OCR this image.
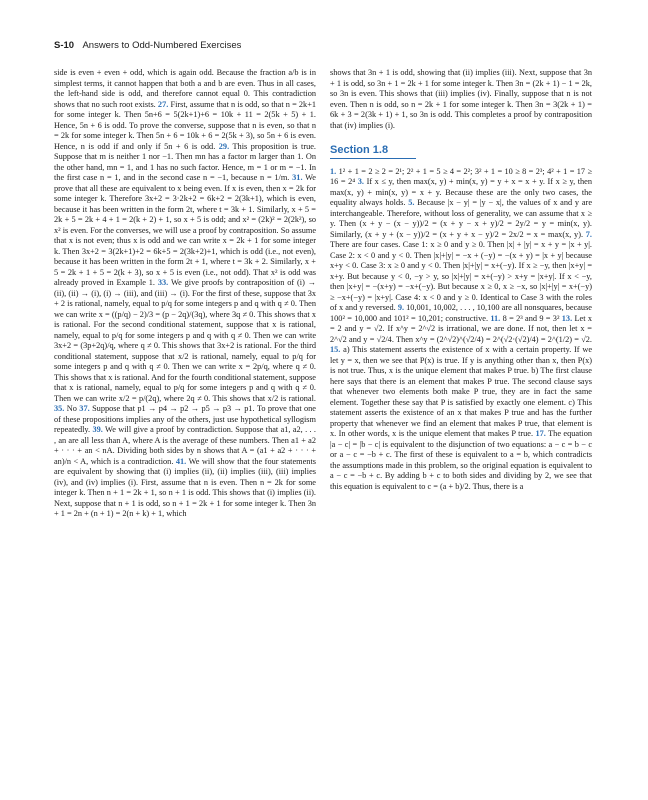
S-10 Answers to Odd-Numbered Exercises

side is even + even + odd, which is again odd. Because the fraction a/b is in simplest terms, it cannot happen that both a and b are even. Thus in all cases, the left-hand side is odd, and therefore cannot equal 0. This contradiction shows that no such root exists. 27. First, assume that n is odd, so that n = 2k+1 for some integer k. Then 5n+6 = 5(2k+1)+6 = 10k + 11 = 2(5k + 5) + 1. Hence, 5n + 6 is odd. To prove the converse, suppose that n is even, so that n = 2k for some integer k. Then 5n + 6 = 10k + 6 = 2(5k + 3), so 5n + 6 is even. Hence, n is odd if and only if 5n + 6 is odd. 29. This proposition is true. Suppose that m is neither 1 nor −1. Then mn has a factor m larger than 1. On the other hand, mn = 1, and 1 has no such factor. Hence, m = 1 or m = −1. In the first case n = 1, and in the second case n = −1, because n = 1/m. 31. We prove that all these are equivalent to x being even. If x is even, then x = 2k for some integer k. Therefore 3x+2 = 3·2k+2 = 6k+2 = 2(3k+1), which is even, because it has been written in the form 2t, where t = 3k + 1. Similarly, x + 5 = 2k + 5 = 2k + 4 + 1 = 2(k + 2) + 1, so x + 5 is odd; and x² = (2k)² = 2(2k²), so x² is even. For the converses, we will use a proof by contraposition. So assume that x is not even; thus x is odd and we can write x = 2k + 1 for some integer k. Then 3x+2 = 3(2k+1)+2 = 6k+5 = 2(3k+2)+1, which is odd (i.e., not even), because it has been written in the form 2t + 1, where t = 3k + 2. Similarly, x + 5 = 2k + 1 + 5 = 2(k + 3), so x + 5 is even (i.e., not odd). That x² is odd was already proved in Example 1. 33. We give proofs by contraposition of (i) → (ii), (ii) → (i), (i) → (iii), and (iii) → (i). For the first of these, suppose that 3x + 2 is rational, namely, equal to p/q for some integers p and q with q ≠ 0. Then we can write x = ((p/q) − 2)/3 = (p − 2q)/(3q), where 3q ≠ 0. This shows that x is rational. For the second conditional statement, suppose that x is rational, namely, equal to p/q for some integers p and q with q ≠ 0. Then we can write 3x+2 = (3p+2q)/q, where q ≠ 0. This shows that 3x+2 is rational. For the third conditional statement, suppose that x/2 is rational, namely, equal to p/q for some integers p and q with q ≠ 0. Then we can write x = 2p/q, where q ≠ 0. This shows that x is rational. And for the fourth conditional statement, suppose that x is rational, namely, equal to p/q for some integers p and q with q ≠ 0. Then we can write x/2 = p/(2q), where 2q ≠ 0. This shows that x/2 is rational. 35. No 37. Suppose that p1 → p4 → p2 → p5 → p3 → p1. To prove that one of these propositions implies any of the others, just use hypothetical syllogism repeatedly. 39. We will give a proof by contradiction. Suppose that a1, a2, . . . , an are all less than A, where A is the average of these numbers. Then a1 + a2 + · · · + an < nA. Dividing both sides by n shows that A = (a1 + a2 + · · · + an)/n < A, which is a contradiction. 41. We will show that the four statements are equivalent by showing that (i) implies (ii), (ii) implies (iii), (iii) implies (iv), and (iv) implies (i). First, assume that n is even. Then n = 2k for some integer k. Then n + 1 = 2k + 1, so n + 1 is odd. This shows that (i) implies (ii). Next, suppose that n + 1 is odd, so n + 1 = 2k + 1 for some integer k. Then 3n + 1 = 2n + (n + 1) = 2(n + k) + 1, which

shows that 3n + 1 is odd, showing that (ii) implies (iii). Next, suppose that 3n + 1 is odd, so 3n + 1 = 2k + 1 for some integer k. Then 3n = (2k + 1) − 1 = 2k, so 3n is even. This shows that (iii) implies (iv). Finally, suppose that n is not even. Then n is odd, so n = 2k + 1 for some integer k. Then 3n = 3(2k + 1) = 6k + 3 = 2(3k + 1) + 1, so 3n is odd. This completes a proof by contraposition that (iv) implies (i).

Section 1.8

1. 1² + 1 = 2 ≥ 2 = 2¹; 2² + 1 = 5 ≥ 4 = 2²; 3² + 1 = 10 ≥ 8 = 2³; 4² + 1 = 17 ≥ 16 = 2⁴ 3. If x ≤ y, then max(x, y) + min(x, y) = y + x = x + y. If x ≥ y, then max(x, y) + min(x, y) = x + y. Because these are the only two cases, the equality always holds. 5. Because |x − y| = |y − x|, the values of x and y are interchangeable. Therefore, without loss of generality, we can assume that x ≥ y. Then (x + y − (x − y))/2 = (x + y − x + y)/2 = 2y/2 = y = min(x, y). Similarly, (x + y + (x − y))/2 = (x + y + x − y)/2 = 2x/2 = x = max(x, y). 7. There are four cases. Case 1: x ≥ 0 and y ≥ 0. Then |x| + |y| = x + y = |x + y|. Case 2: x < 0 and y < 0. Then |x|+|y| = −x + (−y) = −(x + y) = |x + y| because x+y < 0. Case 3: x ≥ 0 and y < 0. Then |x|+|y| = x+(−y). If x ≥ −y, then |x+y| = x+y. But because y < 0, −y > y, so |x|+|y| = x+(−y) > x+y = |x+y|. If x < −y, then |x+y| = −(x+y) = −x+(−y). But because x ≥ 0, x ≥ −x, so |x|+|y| = x+(−y) ≥ −x+(−y) = |x+y|. Case 4: x < 0 and y ≥ 0. Identical to Case 3 with the roles of x and y reversed. 9. 10,001, 10,002, . . . , 10,100 are all nonsquares, because 100² = 10,000 and 101² = 10,201; constructive. 11. 8 = 2³ and 9 = 3² 13. Let x = 2 and y = √2. If x^y = 2^√2 is irrational, we are done. If not, then let x = 2^√2 and y = √2/4. Then x^y = (2^√2)^(√2/4) = 2^(√2·(√2)/4) = 2^(1/2) = √2. 15. a) This statement asserts the existence of x with a certain property. If we let y = x, then we see that P(x) is true. If y is anything other than x, then P(x) is not true. Thus, x is the unique element that makes P true. b) The first clause here says that there is an element that makes P true. The second clause says that whenever two elements both make P true, they are in fact the same element. Together these say that P is satisfied by exactly one element. c) This statement asserts the existence of an x that makes P true and has the further property that whenever we find an element that makes P true, that element is x. In other words, x is the unique element that makes P true. 17. The equation |a − c| = |b − c| is equivalent to the disjunction of two equations: a − c = b − c or a − c = −b + c. The first of these is equivalent to a = b, which contradicts the assumptions made in this problem, so the original equation is equivalent to a − c = −b + c. By adding b + c to both sides and dividing by 2, we see that this equation is equivalent to c = (a + b)/2. Thus, there is a
